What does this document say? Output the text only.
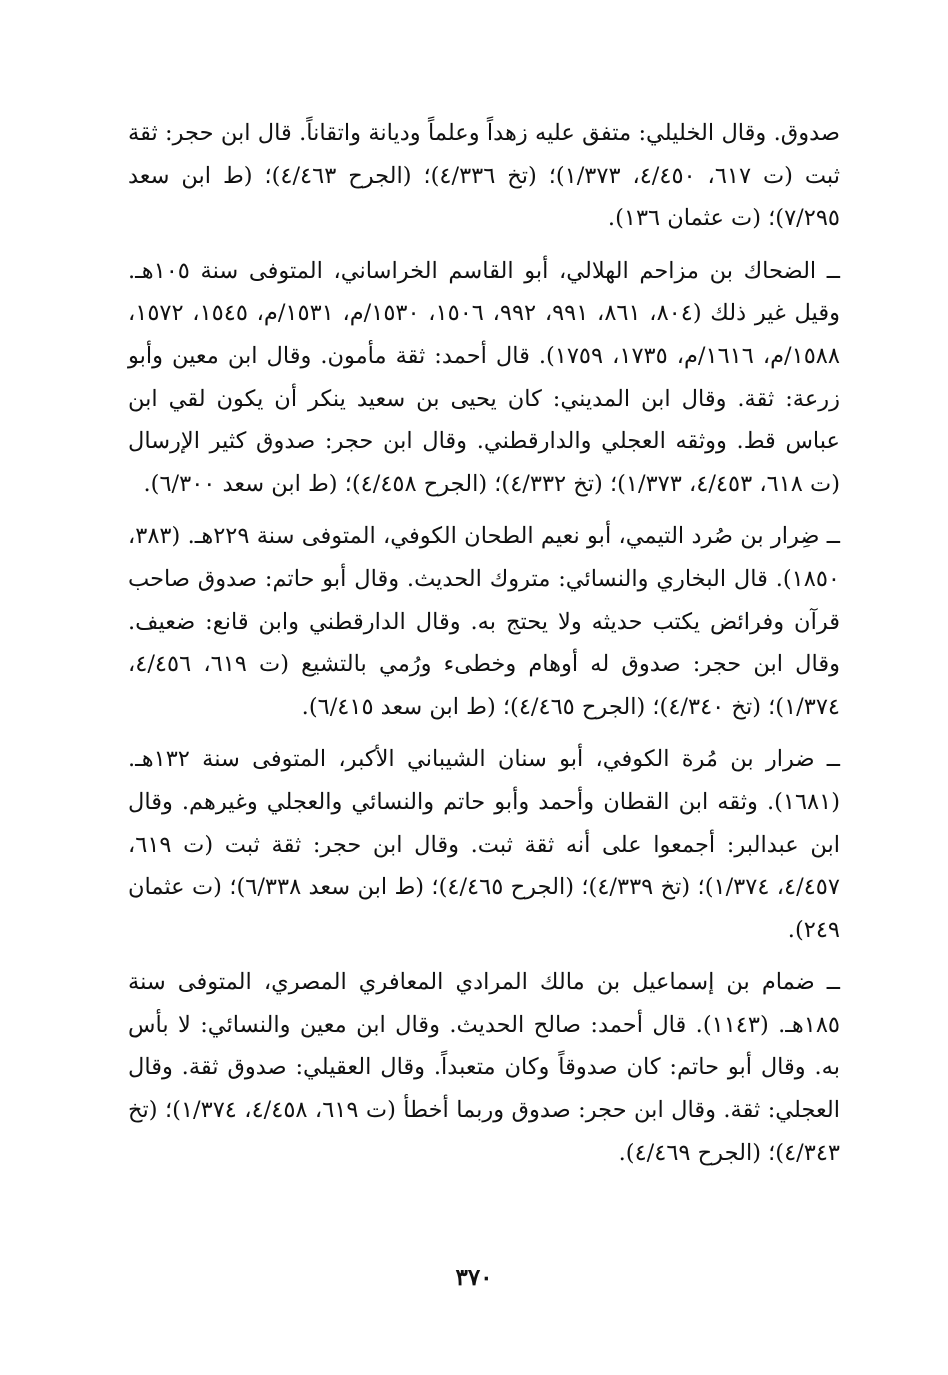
صدوق. وقال الخليلي: متفق عليه زهداً وعلماً وديانة واتقاناً. قال ابن حجر: ثقة ثبت (ت ٦١٧، ٤/٤٥٠، ١/٣٧٣)؛ (تخ ٤/٣٣٦)؛ (الجرح ٤/٤٦٣)؛ (ط ابن سعد ٧/٢٩٥)؛ (ت عثمان ١٣٦).

ــ الضحاك بن مزاحم الهلالي، أبو القاسم الخراساني، المتوفى سنة ١٠٥هـ. وقيل غير ذلك (٨٠٤، ٨٦١، ٩٩١، ٩٩٢، ١٥٠٦، ١٥٣٠/م، ١٥٣١/م، ١٥٤٥، ١٥٧٢، ١٥٨٨/م، ١٦١٦/م، ١٧٣٥، ١٧٥٩). قال أحمد: ثقة مأمون. وقال ابن معين وأبو زرعة: ثقة. وقال ابن المديني: كان يحيى بن سعيد ينكر أن يكون لقي ابن عباس قط. ووثقه العجلي والدارقطني. وقال ابن حجر: صدوق كثير الإرسال (ت ٦١٨، ٤/٤٥٣، ١/٣٧٣)؛ (تخ ٤/٣٣٢)؛ (الجرح ٤/٤٥٨)؛ (ط ابن سعد ٦/٣٠٠).

ــ ضِرار بن صُرد التيمي، أبو نعيم الطحان الكوفي، المتوفى سنة ٢٢٩هـ. (٣٨٣، ١٨٥٠). قال البخاري والنسائي: متروك الحديث. وقال أبو حاتم: صدوق صاحب قرآن وفرائض يكتب حديثه ولا يحتج به. وقال الدارقطني وابن قانع: ضعيف. وقال ابن حجر: صدوق له أوهام وخطىء ورُمي بالتشيع (ت ٦١٩، ٤/٤٥٦، ١/٣٧٤)؛ (تخ ٤/٣٤٠)؛ (الجرح ٤/٤٦٥)؛ (ط ابن سعد ٦/٤١٥).

ــ ضرار بن مُرة الكوفي، أبو سنان الشيباني الأكبر، المتوفى سنة ١٣٢هـ. (١٦٨١). وثقه ابن القطان وأحمد وأبو حاتم والنسائي والعجلي وغيرهم. وقال ابن عبدالبر: أجمعوا على أنه ثقة ثبت. وقال ابن حجر: ثقة ثبت (ت ٦١٩، ٤/٤٥٧، ١/٣٧٤)؛ (تخ ٤/٣٣٩)؛ (الجرح ٤/٤٦٥)؛ (ط ابن سعد ٦/٣٣٨)؛ (ت عثمان ٢٤٩).

ــ ضمام بن إسماعيل بن مالك المرادي المعافري المصري، المتوفى سنة ١٨٥هـ. (١١٤٣). قال أحمد: صالح الحديث. وقال ابن معين والنسائي: لا بأس به. وقال أبو حاتم: كان صدوقاً وكان متعبداً. وقال العقيلي: صدوق ثقة. وقال العجلي: ثقة. وقال ابن حجر: صدوق وربما أخطأ (ت ٦١٩، ٤/٤٥٨، ١/٣٧٤)؛ (تخ ٤/٣٤٣)؛ (الجرح ٤/٤٦٩).

٣٧٠
